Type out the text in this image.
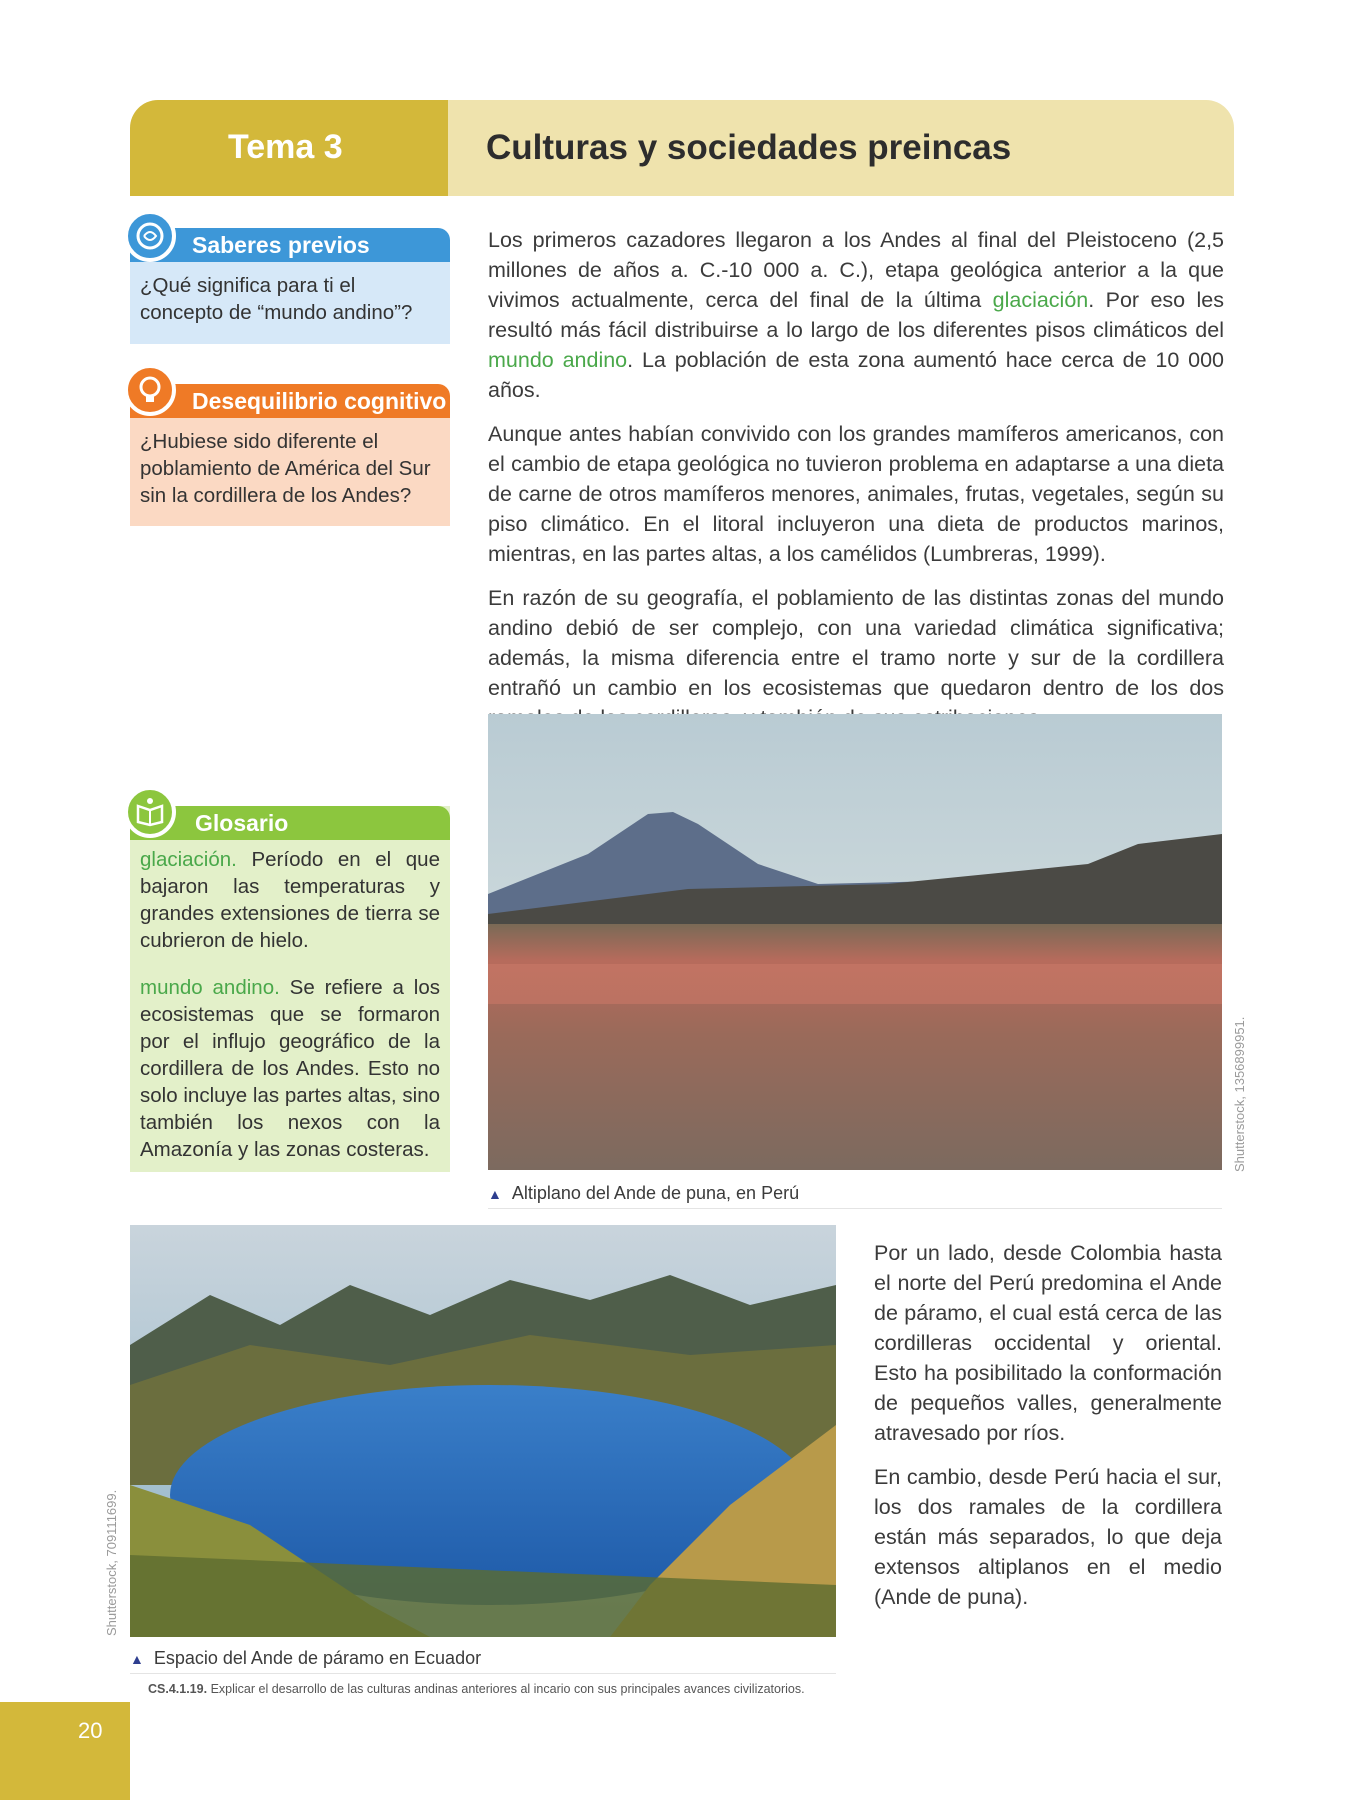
Tema 3	Culturas y sociedades preincas
Saberes previos
¿Qué significa para ti el concepto de “mundo andino”?
Desequilibrio cognitivo
¿Hubiese sido diferente el poblamiento de América del Sur sin la cordillera de los Andes?
Glosario
glaciación. Período en el que bajaron las temperaturas y grandes extensiones de tierra se cubrieron de hielo.
mundo andino. Se refiere a los ecosistemas que se formaron por el influjo geográfico de la cordillera de los Andes. Esto no solo incluye las partes altas, sino también los nexos con la Amazonía y las zonas costeras.

Los primeros cazadores llegaron a los Andes al final del Pleistoceno (2,5 millones de años a. C.-10 000 a. C.), etapa geológica anterior a la que vivimos actualmente, cerca del final de la última glaciación. Por eso les resultó más fácil distribuirse a lo largo de los diferentes pisos climáticos del mundo andino. La población de esta zona aumentó hace cerca de 10 000 años.

Aunque antes habían convivido con los grandes mamíferos americanos, con el cambio de etapa geológica no tuvieron problema en adaptarse a una dieta de carne de otros mamíferos menores, animales, frutas, vegetales, según su piso climático. En el litoral incluyeron una dieta de productos marinos, mientras, en las partes altas, a los camélidos (Lumbreras, 1999).

En razón de su geografía, el poblamiento de las distintas zonas del mundo andino debió de ser complejo, con una variedad climática significativa; además, la misma diferencia entre el tramo norte y sur de la cordillera entrañó un cambio en los ecosistemas que quedaron dentro de los dos

Shutterstock, 1356899951.
▲ Altiplano del Ande de puna, en Perú
Shutterstock, 709111699.
▲ Espacio del Ande de páramo en Ecuador

Por un lado, desde Colombia hasta el norte del Perú predomina el Ande de páramo, el cual está cerca de las cordilleras occidental y oriental. Esto ha posibilitado la conformación de pequeños valles, generalmente atravesado por ríos.

En cambio, desde Perú hacia el sur, los dos ramales de la cordillera están más separados, lo que deja extensos altiplanos en el medio (Ande de puna).

CS.4.1.19. Explicar el desarrollo de las culturas andinas anteriores al incario con sus principales avances civilizatorios.
20
